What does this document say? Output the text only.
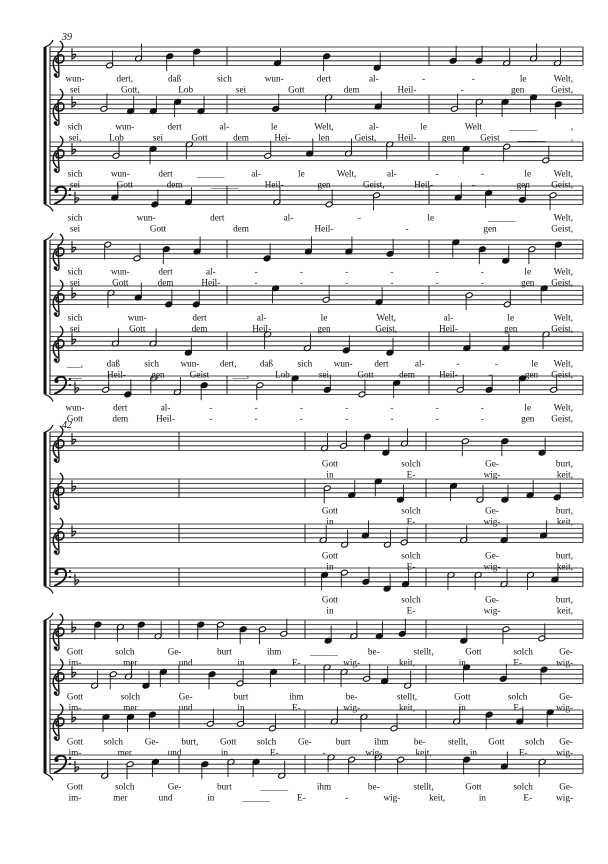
39
wun-	dert,	daß	sich	wun-	dert	al-	-	-	le	Welt,
sei	Gott,	Lob	sei	Gott	dem	Heil-	-	gen	Geist,
sich	wun-	dert	al-	le	Welt,	al-	le	Welt	______	,
sei,	Lob	sei	Gott	dem	Hei-	len	Geist, Heil-	gen	Geist ______	,
sich	wun-	dert	______	al-	le	Welt,	al-	-	-	le Welt,
sei	Gott	dem	______	Heil-	gen	Geist,	Heil-	-	gen Geist,
sich	wun-	dert	al-	-	le	______	Welt,
sei	Gott	dem	Heil-	-	gen	Geist,
sich	wun-	dert	al-	-	-	-	-	-	-	le Welt,
sei	Gott	dem	Heil-	-	-	-	-	-	-	gen Geist,
sich	wun-	dert	al-	le	Welt,	al-	le	Welt,
sei	Gott	dem	Heil-	gen	Geist,	Heil-	gen	Geist,
___,	daß	sich wun- dert,	daß	sich wun- dert	al-	-	-	le Welt,
___	Heil-	gen	Geist	___,	Lob	sei	Gott	dem	Heil-	-	gen Geist,
wun-	dert	al-	-	-	-	-	-	-	-	le Welt,
Gott	dem	Heil-	-	-	-	-	-	-	-	gen Geist,
42
Gott	solch	Ge-	burt,
in	E-	wig-	keit,
Gott	solch	Ge-	burt,
in	E-	wig-	keit,
Gott	solch	Ge-	burt,
in	E-	wig-	keit,
Gott	solch	Ge-	burt,
in	E-	wig-	keit,
Gott	solch	Ge-	burt	ihm	______	be-	stellt,	Gott	solch	Ge-
im-	mer	und	in	E-	wig-	keit,	in	E-	wig-
Gott	solch	Ge-	burt	ihm	be-	stellt,	Gott	solch	Ge-
im-	mer	und	in	E-	wig-	keit,	in	E-	wig-
Gott solch Ge- burt, Gott solch Ge-	burt	ihm	be- stellt, Gott solch Ge-
im-	mer	und	in	E-	-	wig-	keit,	in	E-	wig-
Gott	solch	Ge-	burt	______	ihm	be-	stellt,	Gott	solch	Ge-
im-	mer	und	in	______	E-	-	wig-	keit,	in	E-	wig-
